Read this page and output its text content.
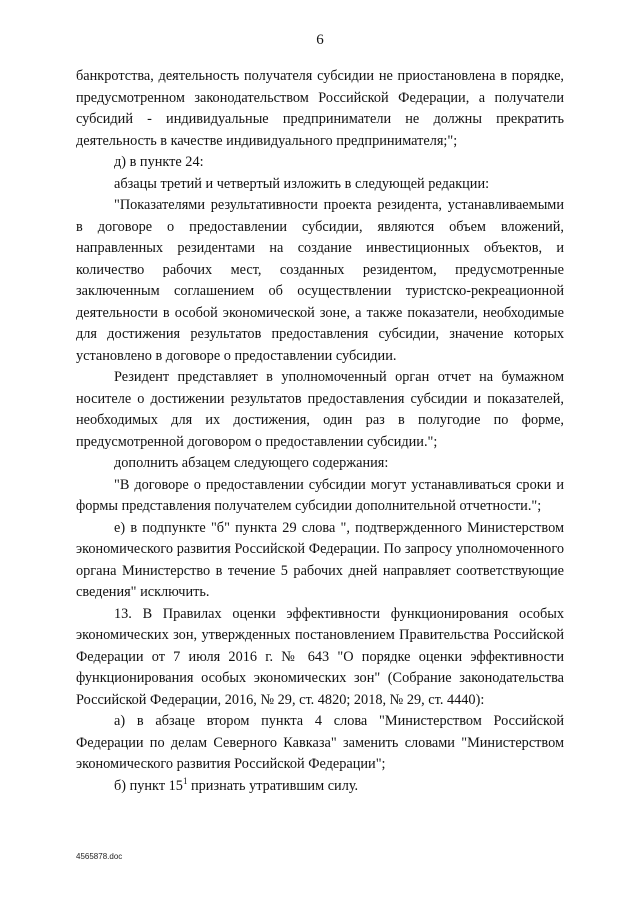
6

банкротства, деятельность получателя субсидии не приостановлена в порядке, предусмотренном законодательством Российской Федерации, а получатели субсидий - индивидуальные предприниматели не должны прекратить деятельность в качестве индивидуального предпринимателя;";

д) в пункте 24:

абзацы третий и четвертый изложить в следующей редакции:

"Показателями результативности проекта резидента, устанавливаемыми в договоре о предоставлении субсидии, являются объем вложений, направленных резидентами на создание инвестиционных объектов, и количество рабочих мест, созданных резидентом, предусмотренные заключенным соглашением об осуществлении туристско-рекреационной деятельности в особой экономической зоне, а также показатели, необходимые для достижения результатов предоставления субсидии, значение которых установлено в договоре о предоставлении субсидии.

Резидент представляет в уполномоченный орган отчет на бумажном носителе о достижении результатов предоставления субсидии и показателей, необходимых для их достижения, один раз в полугодие по форме, предусмотренной договором о предоставлении субсидии.";

дополнить абзацем следующего содержания:

"В договоре о предоставлении субсидии могут устанавливаться сроки и формы представления получателем субсидии дополнительной отчетности.";

е) в подпункте "б" пункта 29 слова ", подтвержденного Министерством экономического развития Российской Федерации. По запросу уполномоченного органа Министерство в течение 5 рабочих дней направляет соответствующие сведения" исключить.

13. В Правилах оценки эффективности функционирования особых экономических зон, утвержденных постановлением Правительства Российской Федерации от 7 июля 2016 г. № 643 "О порядке оценки эффективности функционирования особых экономических зон" (Собрание законодательства Российской Федерации, 2016, № 29, ст. 4820; 2018, № 29, ст. 4440):

а) в абзаце втором пункта 4 слова "Министерством Российской Федерации по делам Северного Кавказа" заменить словами "Министерством экономического развития Российской Федерации";

б) пункт $15^1$ признать утратившим силу.

4565878.doc
